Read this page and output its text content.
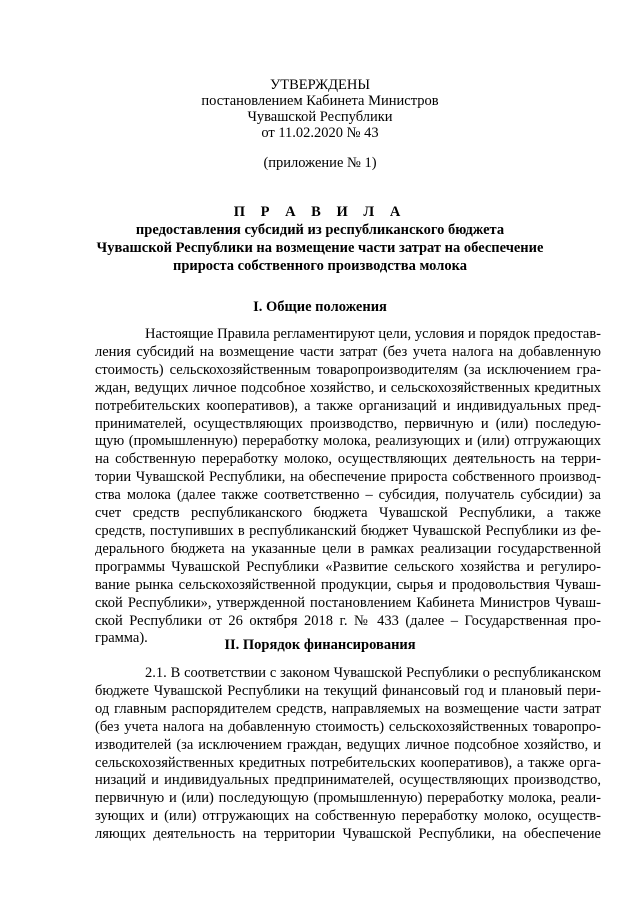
УТВЕРЖДЕНЫ
постановлением Кабинета Министров
Чувашской Республики
от 11.02.2020 № 43
(приложение № 1)
П Р А В И Л А
предоставления субсидий из республиканского бюджета
Чувашской Республики на возмещение части затрат на обеспечение
прироста собственного производства молока
I. Общие положения
Настоящие Правила регламентируют цели, условия и порядок предостав-
ления субсидий на возмещение части затрат (без учета налога на добавленную
стоимость) сельскохозяйственным товаропроизводителям (за исключением гра-
ждан, ведущих личное подсобное хозяйство, и сельскохозяйственных кредитных
потребительских кооперативов), а также организаций и индивидуальных пред-
принимателей, осуществляющих производство, первичную и (или) последую-
щую (промышленную) переработку молока, реализующих и (или) отгружающих
на собственную переработку молоко, осуществляющих деятельность на терри-
тории Чувашской Республики, на обеспечение прироста собственного производ-
ства молока (далее также соответственно – субсидия, получатель субсидии) за
счет средств республиканского бюджета Чувашской Республики, а также
средств, поступивших в республиканский бюджет Чувашской Республики из фе-
дерального бюджета на указанные цели в рамках реализации государственной
программы Чувашской Республики «Развитие сельского хозяйства и регулиро-
вание рынка сельскохозяйственной продукции, сырья и продовольствия Чуваш-
ской Республики», утвержденной постановлением Кабинета Министров Чуваш-
ской Республики от 26 октября 2018 г. № 433 (далее – Государственная про-
грамма).	II. Порядок финансирования
2.1. В соответствии с законом Чувашской Республики о республиканском
бюджете Чувашской Республики на текущий финансовый год и плановый пери-
од главным распорядителем средств, направляемых на возмещение части затрат
(без учета налога на добавленную стоимость) сельскохозяйственных товаропро-
изводителей (за исключением граждан, ведущих личное подсобное хозяйство, и
сельскохозяйственных кредитных потребительских кооперативов), а также орга-
низаций и индивидуальных предпринимателей, осуществляющих производство,
первичную и (или) последующую (промышленную) переработку молока, реали-
зующих и (или) отгружающих на собственную переработку молоко, осуществ-
ляющих деятельность на территории Чувашской Республики, на обеспечение
